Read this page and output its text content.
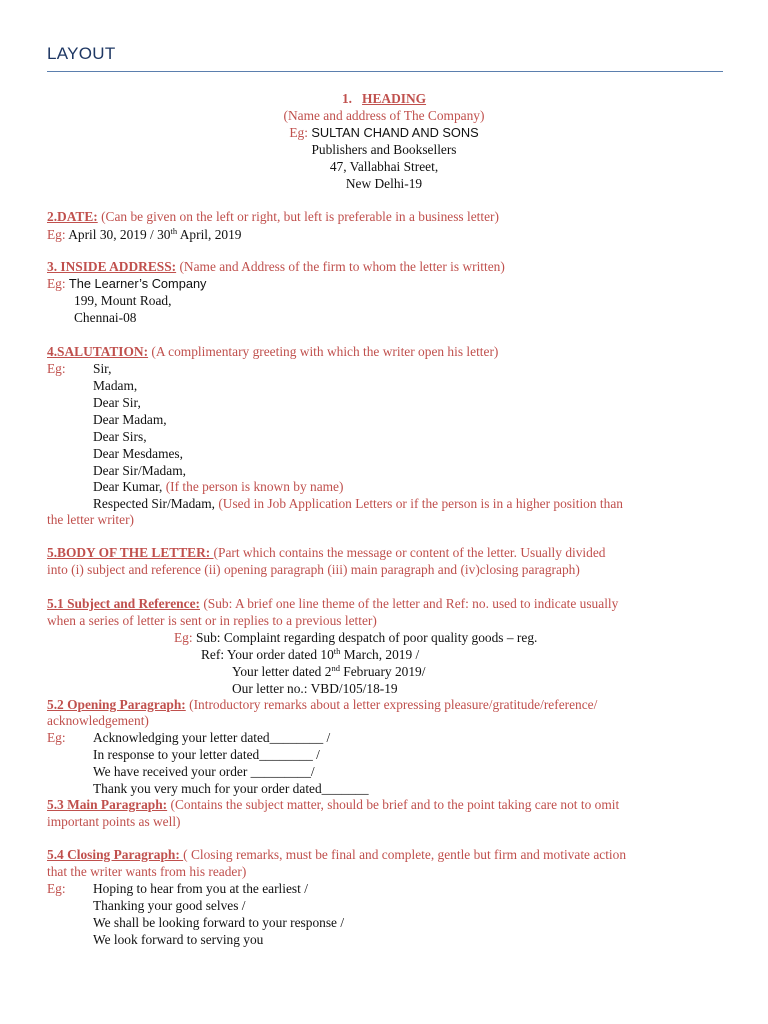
LAYOUT
1. HEADING
(Name and address of The Company)
Eg: SULTAN CHAND AND SONS
Publishers and Booksellers
47, Vallabhai Street,
New Delhi-19
2.DATE: (Can be given on the left or right, but left is preferable in a business letter)
Eg: April 30, 2019 / 30th April, 2019
3. INSIDE ADDRESS: (Name and Address of the firm to whom the letter is written)
Eg: The Learner’s Company
199, Mount Road,
Chennai-08
4.SALUTATION: (A complimentary greeting with which the writer open his letter)
Eg: Sir,
Madam,
Dear Sir,
Dear Madam,
Dear Sirs,
Dear Mesdames,
Dear Sir/Madam,
Dear Kumar, (If the person is known by name)
Respected Sir/Madam, (Used in Job Application Letters or if the person is in a higher position than
the letter writer)
5.BODY OF THE LETTER: (Part which contains the message or content of the letter. Usually divided
into (i) subject and reference (ii) opening paragraph (iii) main paragraph and (iv)closing paragraph)
5.1 Subject and Reference: (Sub: A brief one line theme of the letter and Ref: no. used to indicate usually
when a series of letter is sent or in replies to a previous letter)
Eg: Sub: Complaint regarding despatch of poor quality goods – reg.
Ref: Your order dated 10th March, 2019 /
Your letter dated 2nd February 2019/
Our letter no.: VBD/105/18-19
5.2 Opening Paragraph: (Introductory remarks about a letter expressing pleasure/gratitude/reference/
acknowledgement)
Eg: Acknowledging your letter dated________ /
In response to your letter dated________ /
We have received your order _________/
Thank you very much for your order dated_______
5.3 Main Paragraph: (Contains the subject matter, should be brief and to the point taking care not to omit
important points as well)
5.4 Closing Paragraph: ( Closing remarks, must be final and complete, gentle but firm and motivate action
that the writer wants from his reader)
Eg: Hoping to hear from you at the earliest /
Thanking your good selves /
We shall be looking forward to your response /
We look forward to serving you
